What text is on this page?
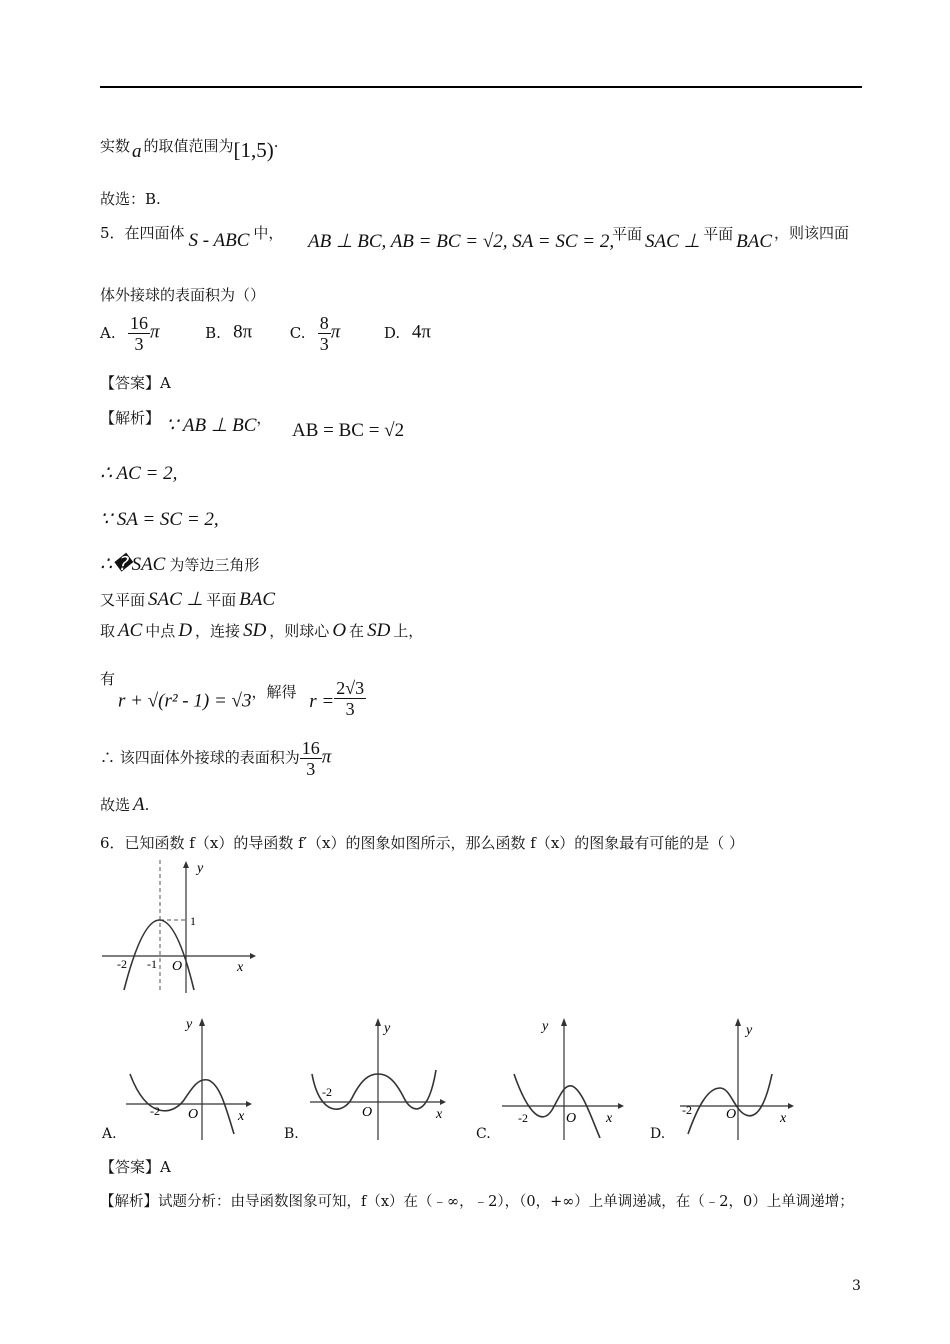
实数 a 的取值范围为[1,5)·
故选：B.
5．在四面体 S - ABC 中， AB ⊥ BC, AB = BC = √2, SA = SC = 2,
平面 SAC ⊥ 平面 BAC ，则该四面
体外接球的表面积为（）
A. $\frac{16}{3}$ π	B. 8π	C. $\frac{8}{3}$ π	D. 4π
【答案】A
【解析】 ∵ AB ⊥ BC，
AB = BC = √2
∴ AC = 2,
∵ SA = SC = 2,
∴�SAC 为等边三角形
又平面 SAC ⊥ 平面 BAC
取 AC 中点 D ，连接 SD ，则球心 O 在 SD 上，
有
r + √(r² - 1) = √3，解得 $r = \frac{2√3}{3}$
∴ 该四面体外接球的表面积为 $\frac{16}{3}$ π
故选 A.
6．已知函数 f（x）的导函数 f′（x）的图象如图所示，那么函数 f（x）的图象最有可能的是（ ）
y
x
O
-2 -1
1
y
x
O
-2
A.
y
x
O
-2
B.
y
x
O
-2
C.
y
x
O
-2
D.
【答案】A
【解析】试题分析：由导函数图象可知，f（x）在（﹣∞，﹣2），（0，+∞）上单调递减，在（﹣2，0）上单调递增；
3
